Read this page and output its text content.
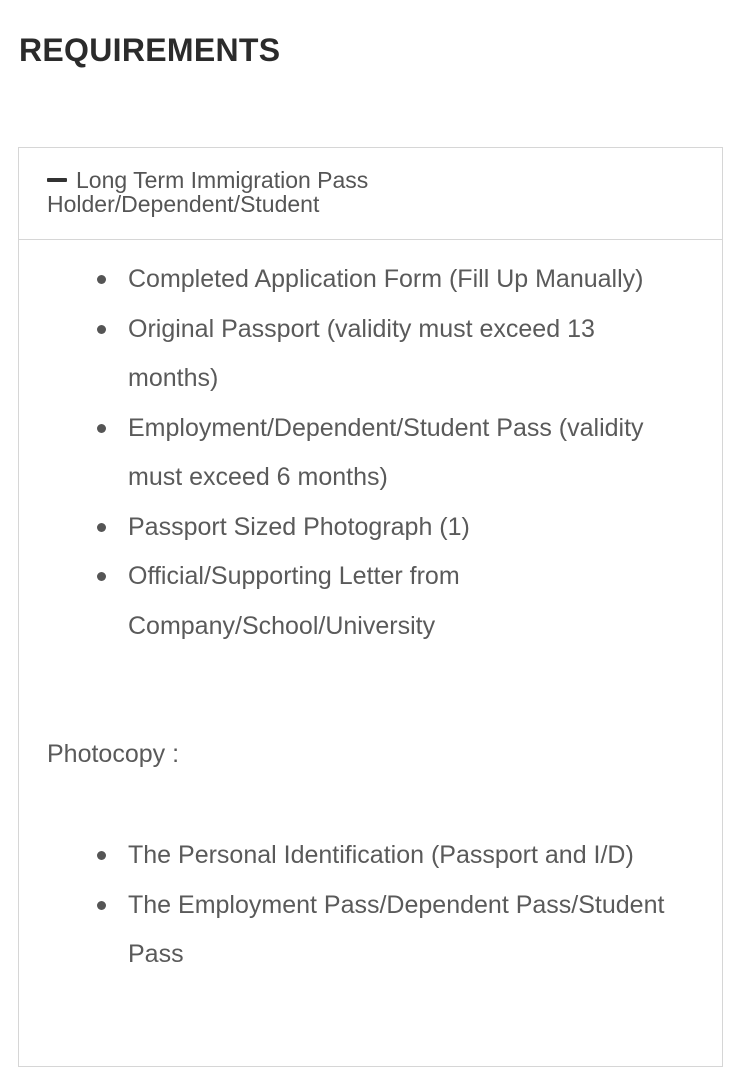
REQUIREMENTS
Long Term Immigration Pass Holder/Dependent/Student
Completed Application Form (Fill Up Manually)
Original Passport (validity must exceed 13 months)
Employment/Dependent/Student Pass (validity must exceed 6 months)
Passport Sized Photograph (1)
Official/Supporting Letter from Company/School/University

Photocopy :

The Personal Identification (Passport and I/D)
The Employment Pass/Dependent Pass/Student Pass
